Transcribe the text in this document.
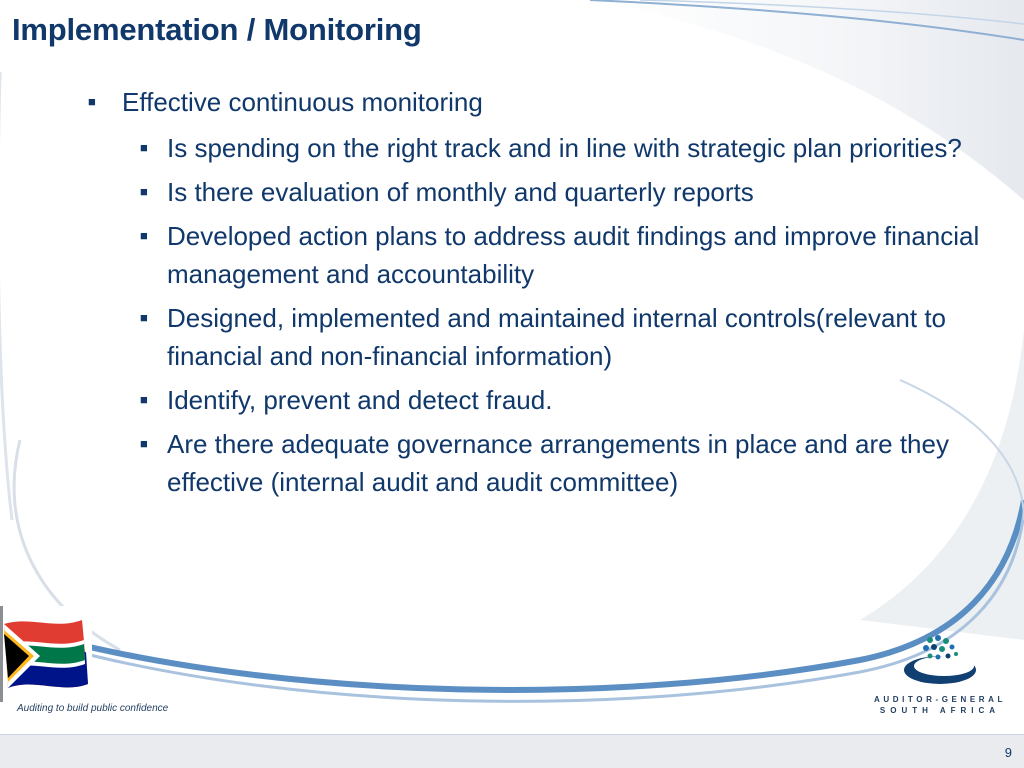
Implementation / Monitoring
■	Effective continuous monitoring
■ Is spending on the right track and in line with strategic plan priorities?
■ Is there evaluation of monthly and quarterly reports
■ Developed action plans to address audit findings and improve financial management and accountability
■ Designed, implemented and maintained internal controls(relevant to financial and non-financial information)
■ Identify, prevent and detect fraud.
■ Are there adequate governance arrangements in place and are they effective (internal audit and audit committee)
Auditing to build public confidence
AUDITOR-GENERAL
SOUTH AFRICA
9
